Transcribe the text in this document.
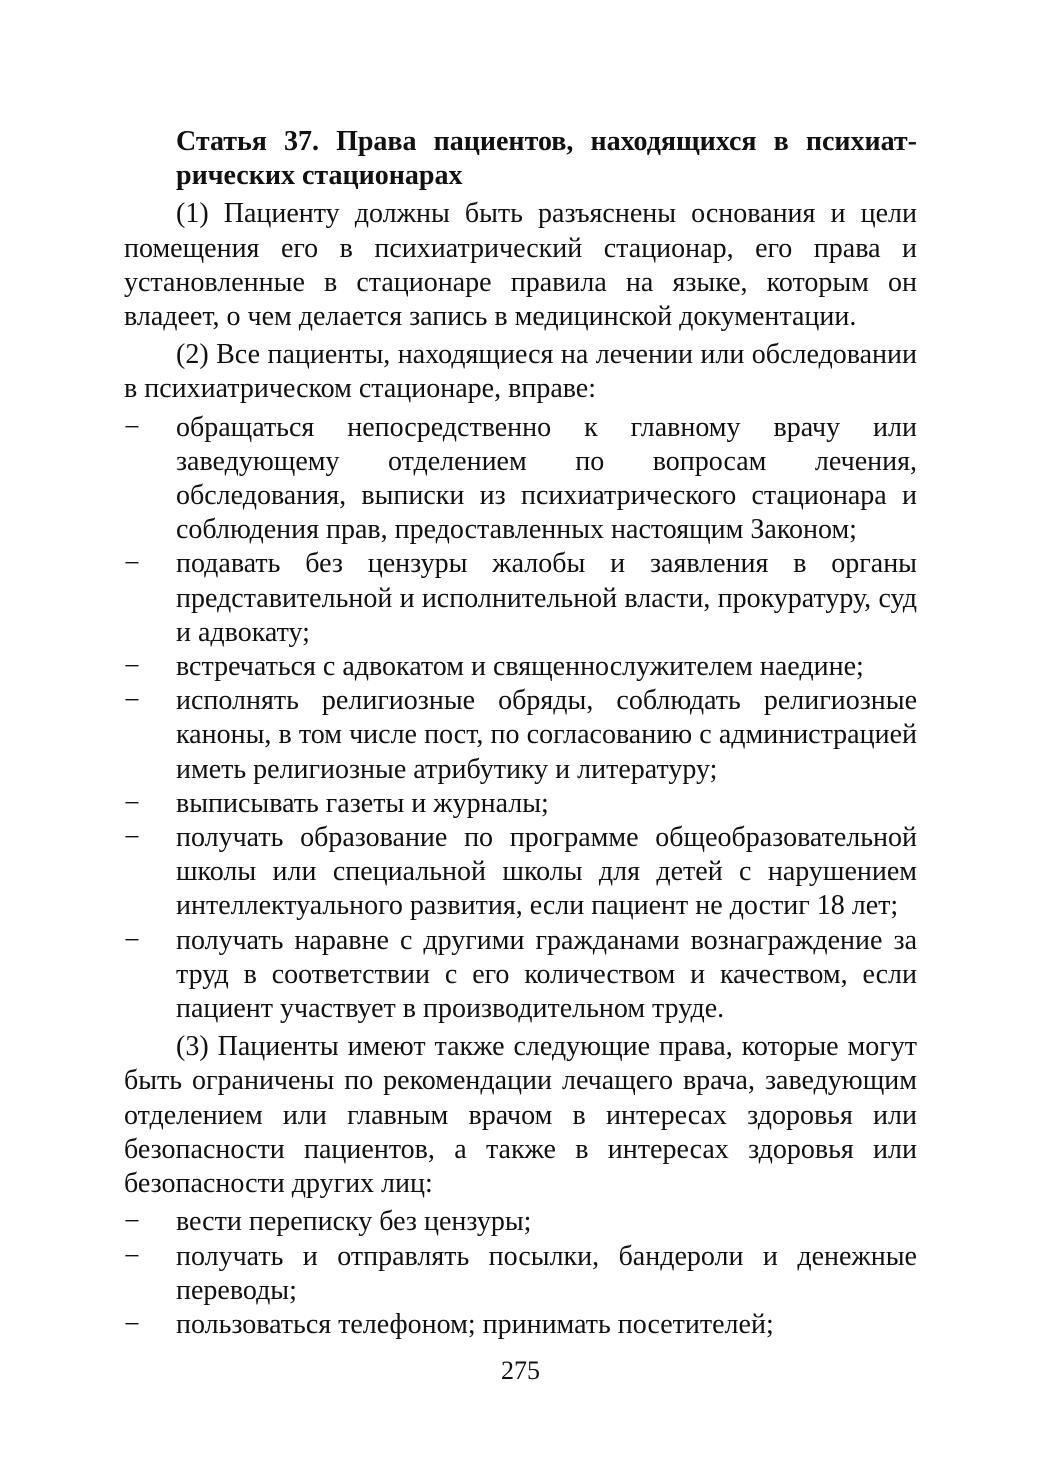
Статья 37. Права пациентов, находящихся в психиат-
рических стационарах

(1) Пациенту должны быть разъяснены основания и цели помещения его в психиатрический стационар, его права и установленные в стационаре правила на языке, которым он владеет, о чем делается запись в медицинской документации.

(2) Все пациенты, находящиеся на лечении или обследовании в психиатрическом стационаре, вправе:

− обращаться непосредственно к главному врачу или заведующему отделением по вопросам лечения, обследования, выписки из психиатрического стационара и соблюдения прав, предоставленных настоящим Законом;
− подавать без цензуры жалобы и заявления в органы представительной и исполнительной власти, прокуратуру, суд и адвокату;
− встречаться с адвокатом и священнослужителем наедине;
− исполнять религиозные обряды, соблюдать религиозные каноны, в том числе пост, по согласованию с администрацией иметь религиозные атрибутику и литературу;
− выписывать газеты и журналы;
− получать образование по программе общеобразовательной школы или специальной школы для детей с нарушением интеллектуального развития, если пациент не достиг 18 лет;
− получать наравне с другими гражданами вознаграждение за труд в соответствии с его количеством и качеством, если пациент участвует в производительном труде.

(3) Пациенты имеют также следующие права, которые могут быть ограничены по рекомендации лечащего врача, заведующим отделением или главным врачом в интересах здоровья или безопасности пациентов, а также в интересах здоровья или безопасности других лиц:

− вести переписку без цензуры;
− получать и отправлять посылки, бандероли и денежные переводы;
− пользоваться телефоном; принимать посетителей;
275
